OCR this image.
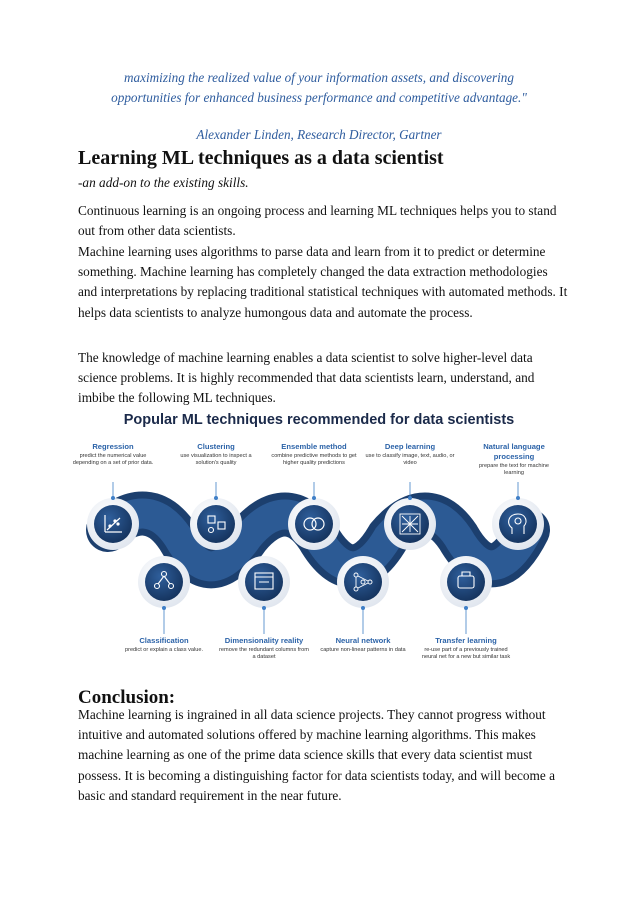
maximizing the realized value of your information assets, and discovering
opportunities for enhanced business performance and competitive advantage."
Alexander Linden, Research Director, Gartner
Learning ML techniques as a data scientist
-an add-on to the existing skills.

Continuous learning is an ongoing process and learning ML techniques helps you to stand out from other data scientists.

Machine learning uses algorithms to parse data and learn from it to predict or determine something. Machine learning has completely changed the data extraction methodologies and interpretations by replacing traditional statistical techniques with automated methods. It helps data scientists to analyze humongous data and automate the process.

The knowledge of machine learning enables a data scientist to solve higher-level data science problems. It is highly recommended that data scientists learn, understand, and imbibe the following ML techniques.

Popular ML techniques recommended for data scientists
Regression
predict the numerical value depending on a set of prior data.
Clustering
use visualization to inspect a solution's quality
Ensemble method
combine predictive methods to get higher quality predictions
Deep learning
use to classify image, text, audio, or video
Natural language processing
prepare the text for machine learning
Classification
predict or explain a class value.
Dimensionality reality
remove the redundant columns from a dataset
Neural network
capture non-linear patterns in data
Transfer learning
re-use part of a previously trained neural net for a new but similar task
Conclusion:

Machine learning is ingrained in all data science projects. They cannot progress without intuitive and automated solutions offered by machine learning algorithms. This makes machine learning as one of the prime data science skills that every data scientist must possess. It is becoming a distinguishing factor for data scientists today, and will become a basic and standard requirement in the near future.
